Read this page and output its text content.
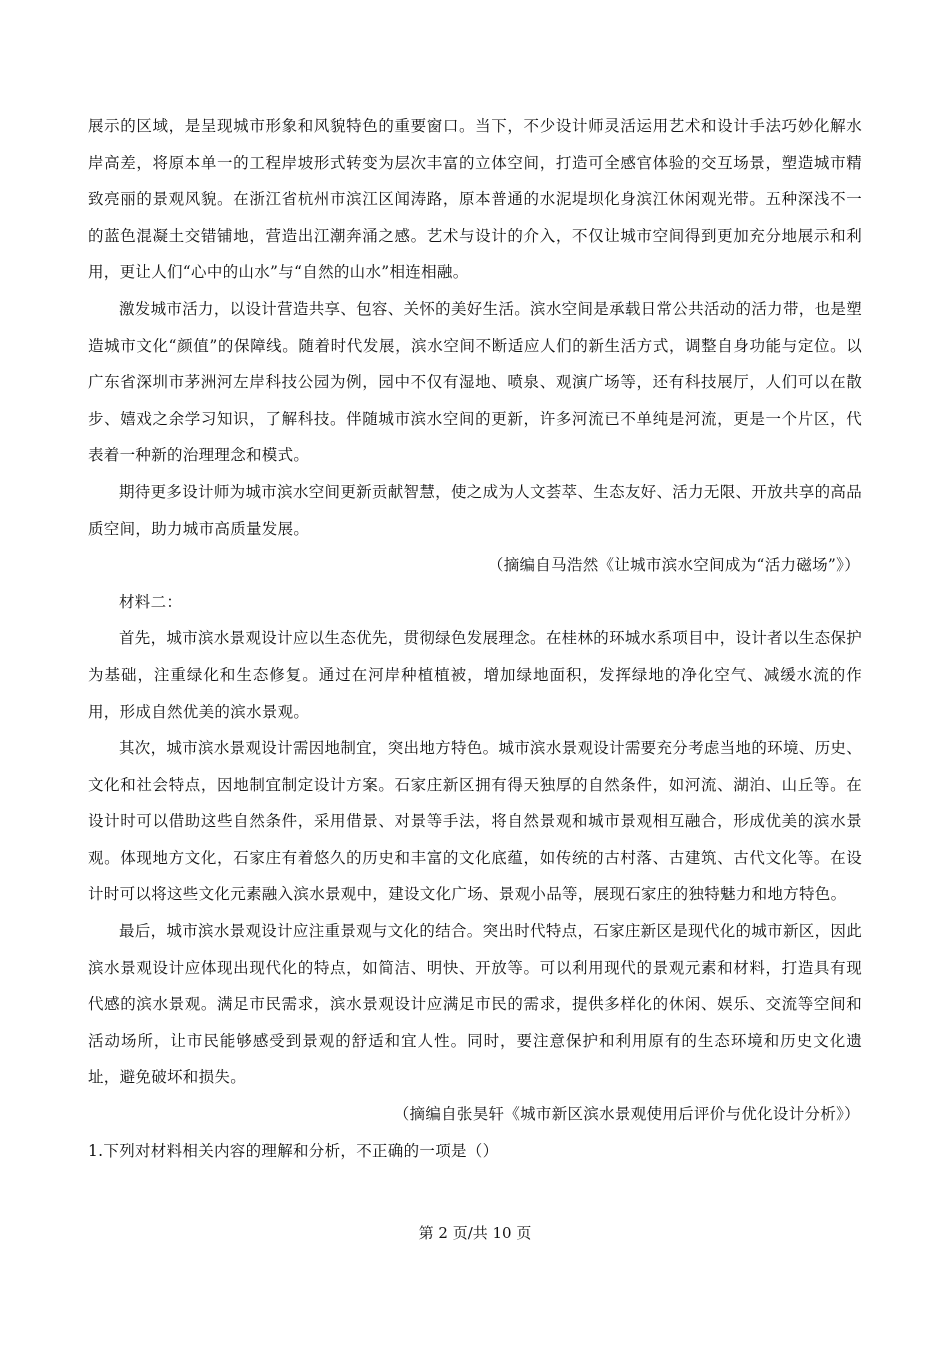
展示的区域，是呈现城市形象和风貌特色的重要窗口。当下，不少设计师灵活运用艺术和设计手法巧妙化解水岸高差，将原本单一的工程岸坡形式转变为层次丰富的立体空间，打造可全感官体验的交互场景，塑造城市精致亮丽的景观风貌。在浙江省杭州市滨江区闻涛路，原本普通的水泥堤坝化身滨江休闲观光带。五种深浅不一的蓝色混凝土交错铺地，营造出江潮奔涌之感。艺术与设计的介入，不仅让城市空间得到更加充分地展示和利用，更让人们“心中的山水”与“自然的山水”相连相融。

激发城市活力，以设计营造共享、包容、关怀的美好生活。滨水空间是承载日常公共活动的活力带，也是塑造城市文化“颜值”的保障线。随着时代发展，滨水空间不断适应人们的新生活方式，调整自身功能与定位。以广东省深圳市茅洲河左岸科技公园为例，园中不仅有湿地、喷泉、观演广场等，还有科技展厅，人们可以在散步、嬉戏之余学习知识，了解科技。伴随城市滨水空间的更新，许多河流已不单纯是河流，更是一个片区，代表着一种新的治理理念和模式。

期待更多设计师为城市滨水空间更新贡献智慧，使之成为人文荟萃、生态友好、活力无限、开放共享的高品质空间，助力城市高质量发展。

（摘编自马浩然《让城市滨水空间成为“活力磁场”》）

材料二：

首先，城市滨水景观设计应以生态优先，贯彻绿色发展理念。在桂林的环城水系项目中，设计者以生态保护为基础，注重绿化和生态修复。通过在河岸种植植被，增加绿地面积，发挥绿地的净化空气、减缓水流的作用，形成自然优美的滨水景观。

其次，城市滨水景观设计需因地制宜，突出地方特色。城市滨水景观设计需要充分考虑当地的环境、历史、文化和社会特点，因地制宜制定设计方案。石家庄新区拥有得天独厚的自然条件，如河流、湖泊、山丘等。在设计时可以借助这些自然条件，采用借景、对景等手法，将自然景观和城市景观相互融合，形成优美的滨水景观。体现地方文化，石家庄有着悠久的历史和丰富的文化底蕴，如传统的古村落、古建筑、古代文化等。在设计时可以将这些文化元素融入滨水景观中，建设文化广场、景观小品等，展现石家庄的独特魅力和地方特色。

最后，城市滨水景观设计应注重景观与文化的结合。突出时代特点，石家庄新区是现代化的城市新区，因此滨水景观设计应体现出现代化的特点，如简洁、明快、开放等。可以利用现代的景观元素和材料，打造具有现代感的滨水景观。满足市民需求，滨水景观设计应满足市民的需求，提供多样化的休闲、娱乐、交流等空间和活动场所，让市民能够感受到景观的舒适和宜人性。同时，要注意保护和利用原有的生态环境和历史文化遗址，避免破坏和损失。

（摘编自张昊轩《城市新区滨水景观使用后评价与优化设计分析》）

1.下列对材料相关内容的理解和分析，不正确的一项是（）

第 2 页/共 10 页
